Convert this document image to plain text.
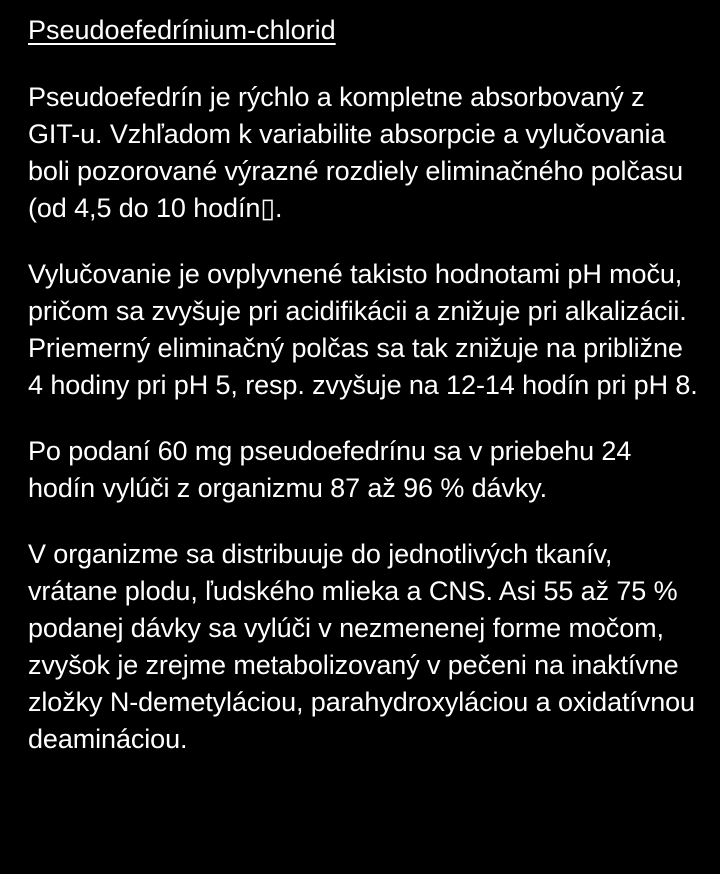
Pseudoefedrínium-chlorid

Pseudoefedrín je rýchlo a kompletne absorbovaný z GIT-u. Vzhľadom k variabilite absorpcie a vylučovania boli pozorované výrazné rozdiely eliminačného polčasu (od 4,5 do 10 hodín▯.

Vylučovanie je ovplyvnené takisto hodnotami pH moču, pričom sa zvyšuje pri acidifikácii a znižuje pri alkalizácii. Priemerný eliminačný polčas sa tak znižuje na približne 4 hodiny pri pH 5, resp. zvyšuje na 12-14 hodín pri pH 8.

Po podaní 60 mg pseudoefedrínu sa v priebehu 24 hodín vylúči z organizmu 87 až 96 % dávky.

V organizme sa distribuuje do jednotlivých tkanív, vrátane plodu, ľudského mlieka a CNS. Asi 55 až 75 % podanej dávky sa vylúči v nezmenenej forme močom, zvyšok je zrejme metabolizovaný v pečeni na inaktívne zložky N-demetyláciou, parahydroxyláciou a oxidatívnou deamináciou.
